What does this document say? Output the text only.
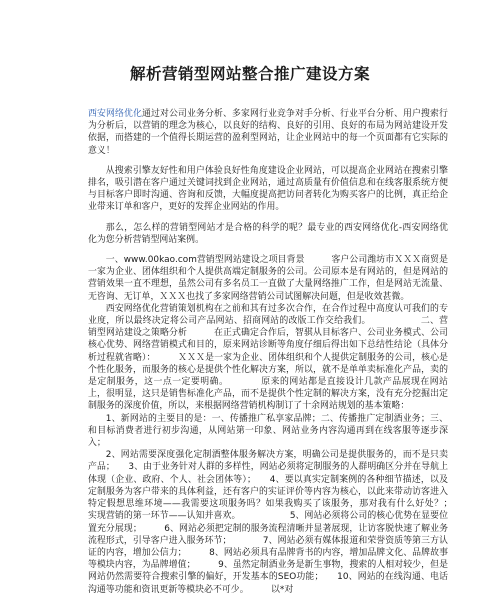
解析营销型网站整合推广建设方案

西安网络优化通过对公司业务分析、多家网行业竞争对手分析、行业平台分析、用户搜索行为分析后，以营销的理念为核心，以良好的结构、良好的引用、良好的布局为网站建设开发依据，而搭建的一个值得长期运营的盈利型网站，让企业网站中的每一个页面都有它实际的意义！

从搜索引擎友好性和用户体验良好性角度建设企业网站，可以提高企业网站在搜索引擎排名，吸引潜在客户通过关键词找到企业网站，通过高质量有价值信息和在线客服系统方便与目标客户即时沟通、咨询和反馈，大幅度提高把访问者转化为购买客户的比例，真正给企业带来订单和客户，更好的发挥企业网站的作用。

那么，怎么样的营销型网站才是合格的科学的呢？最专业的西安网络优化-西安网络优化为您分析营销型网站案例。

一、www.00kao.com营销型网站建设之项目背景　　　客户公司潍坊市ＸＸＸ商贸是一家为企业、团体组织和个人提供高端定制服务的公司。公司原本是有网站的，但是网站的营销效果一直不理想，虽然公司有多名员工一直做了大量网络推广工作，但是网站无流量、无咨询、无订单，ＸＸＸ也找了多家网络营销公司试图解决问题，但是收效甚微。

西安网络优化营销策划机构在之前和其有过多次合作，在合作过程中高度认可我们的专业度，所以最终决定将公司产品网站、招商网站的改版工作交给我们。　　　　　　二、营销型网站建设之策略分析　　　在正式确定合作后，智骐从目标客户、公司业务模式、公司核心优势、网络营销模式和目的，原来网站诊断等角度仔细后得出如下总结性结论（具体分析过程就省略）：　　　ＸＸＸ是一家为企业、团体组织和个人提供定制服务的公司，核心是个性化服务，而服务的核心是提供个性化解决方案，所以，就不是单单卖标准化产品，卖的是定制服务，这一点一定要明确。　　　　原来的网站都是直接设计几款产品展现在网站上，很明显，这只是销售标准化产品，而不是提供个性定制的解决方案，没有充分挖掘出定制服务的深度价值，所以，来根据网络营销机构制订了十余网站规划的基本策略：

1、新网站的主要目的是：一、传播推广私享家品牌；二、传播推广定制酒业务；三、和目标消费者进行初步沟通，从网站第一印象、网站业务内容沟通再到在线客服等逐步深入；

2、网站需要深度强化定制酒整体服务解决方案，明确公司是提供服务的，而不是只卖产品；　　3、由于业务针对人群的多样性，网站必须将定制服务的人群明确区分并在导航上体现（企业、政府、个人、社会团体等）；　　4、要以真实定制案例的各种细节描述，以及定制服务为客户带来的具体利益，还有客户的实证评价等内容为核心，以此来带动访客进入特定假想思维环境——我需要这项服务吗？如果我购买了该服务，那对我有什么好处？；　实现营销的第一环节——认知并喜欢。　　　　　　5、网站必须将公司的核心优势在显要位置充分展现；　　　6、网站必须把定制的服务流程清晰并显著展现，让访客脱快速了解业务流程形式，引导客户进入服务环节；　　　　7、网站必须有媒体报道和荣誉资质等第三方认证的内容，增加公信力；　　　8、网站必须具有品牌背书的内容，增加品牌文化、品牌故事等模块内容，为品牌增值；　　　9、虽然定制酒业务是新生事物，搜索的人相对较少，但是网站仍然需要符合搜索引擎的偏好，开发基本的SEO功能；　　10、网站的在线沟通、电话沟通等功能和资讯更新等模块必不可少。　　　以*对
